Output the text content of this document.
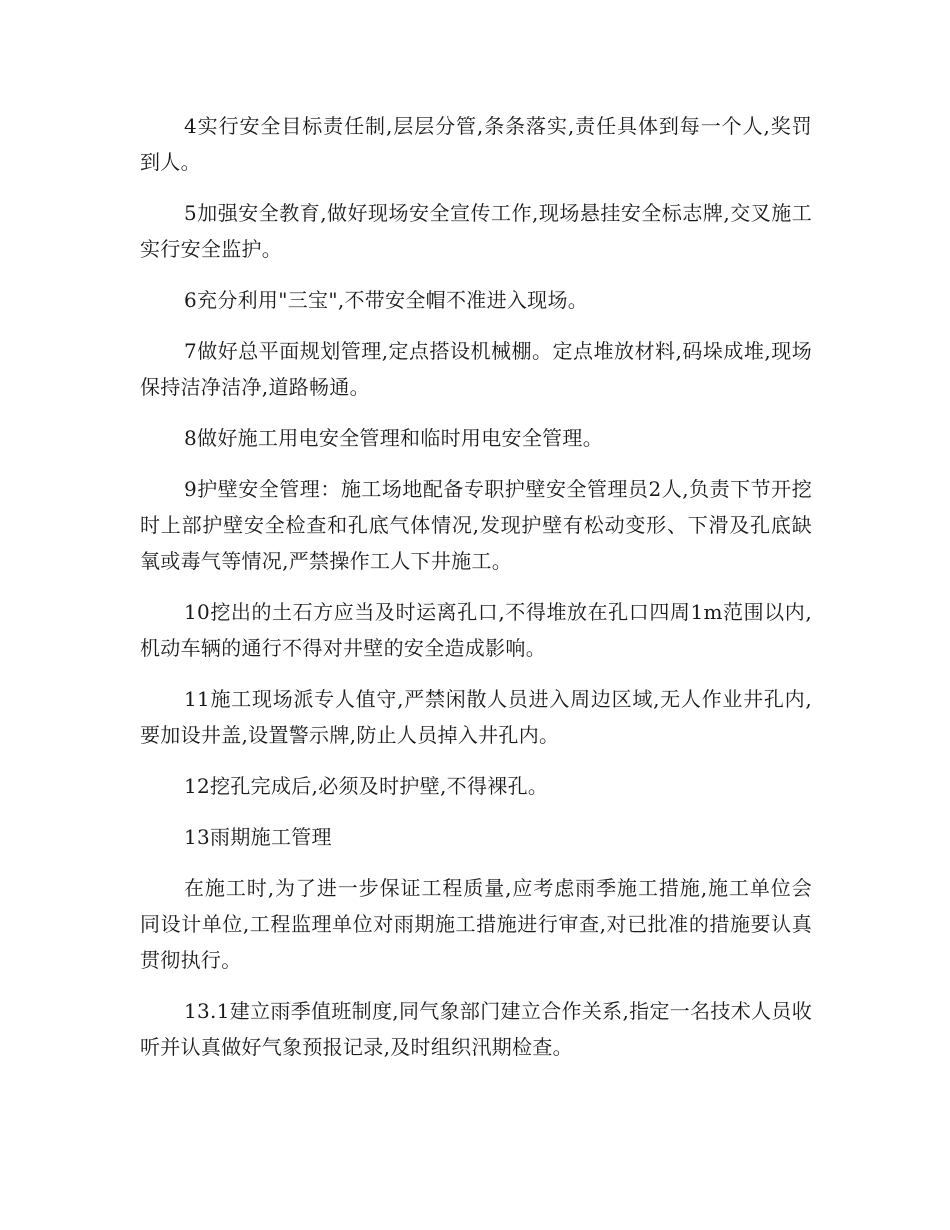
4实行安全目标责任制,层层分管,条条落实,责任具体到每一个人,奖罚到人。

5加强安全教育,做好现场安全宣传工作,现场悬挂安全标志牌,交叉施工实行安全监护。

6充分利用"三宝",不带安全帽不准进入现场。

7做好总平面规划管理,定点搭设机械棚。定点堆放材料,码垛成堆,现场保持洁净洁净,道路畅通。

8做好施工用电安全管理和临时用电安全管理。

9护壁安全管理：施工场地配备专职护壁安全管理员2人,负责下节开挖时上部护壁安全检查和孔底气体情况,发现护壁有松动变形、下滑及孔底缺氧或毒气等情况,严禁操作工人下井施工。

10挖出的土石方应当及时运离孔口,不得堆放在孔口四周1m范围以内,机动车辆的通行不得对井壁的安全造成影响。

11施工现场派专人值守,严禁闲散人员进入周边区域,无人作业井孔内,要加设井盖,设置警示牌,防止人员掉入井孔内。

12挖孔完成后,必须及时护壁,不得裸孔。

13雨期施工管理

在施工时,为了进一步保证工程质量,应考虑雨季施工措施,施工单位会同设计单位,工程监理单位对雨期施工措施进行审查,对已批准的措施要认真贯彻执行。

13.1建立雨季值班制度,同气象部门建立合作关系,指定一名技术人员收听并认真做好气象预报记录,及时组织汛期检查。
